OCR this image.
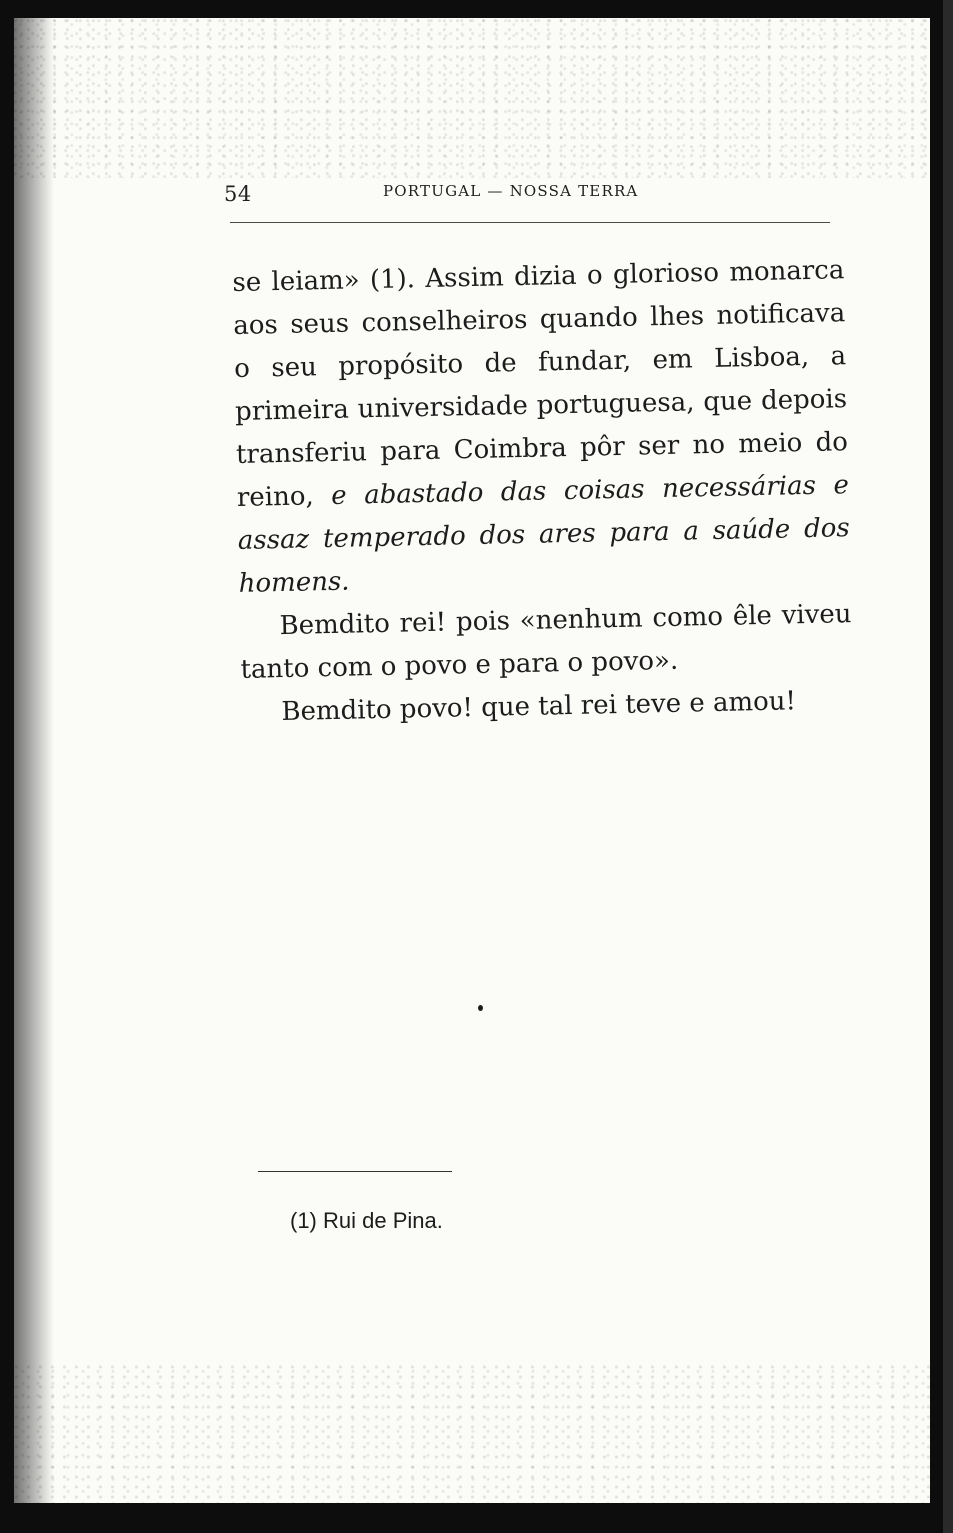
54	PORTUGAL — NOSSA TERRA

se leiam» (1). Assim dizia o glorioso monarca aos seus conselheiros quando lhes notificava o seu propósito de fundar, em Lisboa, a primeira universidade portuguesa, que depois transferiu para Coimbra pôr ser no meio do reino, e abastado das coisas necessárias e assaz temperado dos ares para a saúde dos homens.

Bemdito rei! pois «nenhum como êle viveu tanto com o povo e para o povo».

Bemdito povo! que tal rei teve e amou!

(1) Rui de Pina.
